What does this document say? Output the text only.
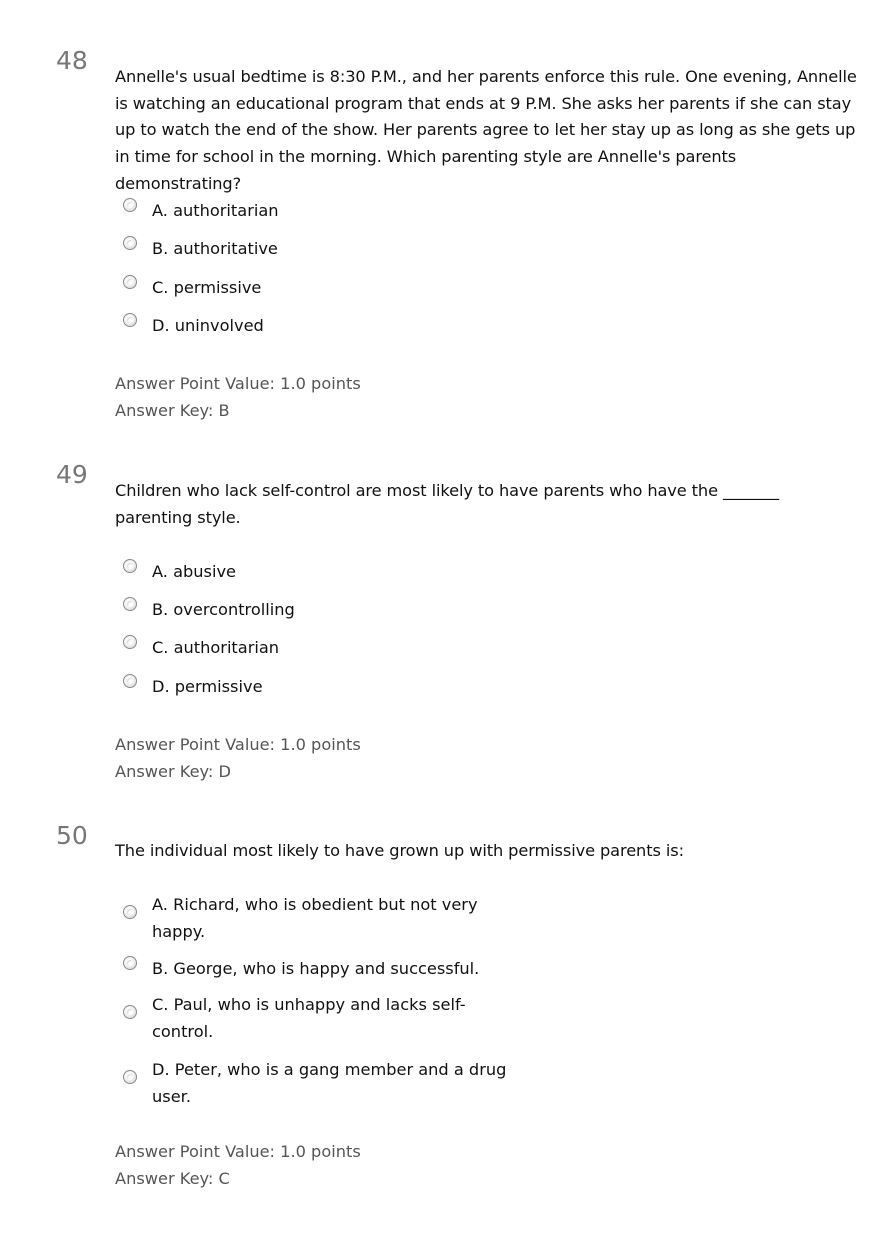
48
Annelle's usual bedtime is 8:30 P.M., and her parents enforce this rule. One evening, Annelle is watching an educational program that ends at 9 P.M. She asks her parents if she can stay up to watch the end of the show. Her parents agree to let her stay up as long as she gets up in time for school in the morning. Which parenting style are Annelle's parents demonstrating?
A. authoritarian
B. authoritative
C. permissive
D. uninvolved
Answer Point Value: 1.0 points
Answer Key: B
49
Children who lack self-control are most likely to have parents who have the _______ parenting style.
A. abusive
B. overcontrolling
C. authoritarian
D. permissive
Answer Point Value: 1.0 points
Answer Key: D
50
The individual most likely to have grown up with permissive parents is:
A. Richard, who is obedient but not very happy.
B. George, who is happy and successful.
C. Paul, who is unhappy and lacks self-control.
D. Peter, who is a gang member and a drug user.
Answer Point Value: 1.0 points
Answer Key: C
